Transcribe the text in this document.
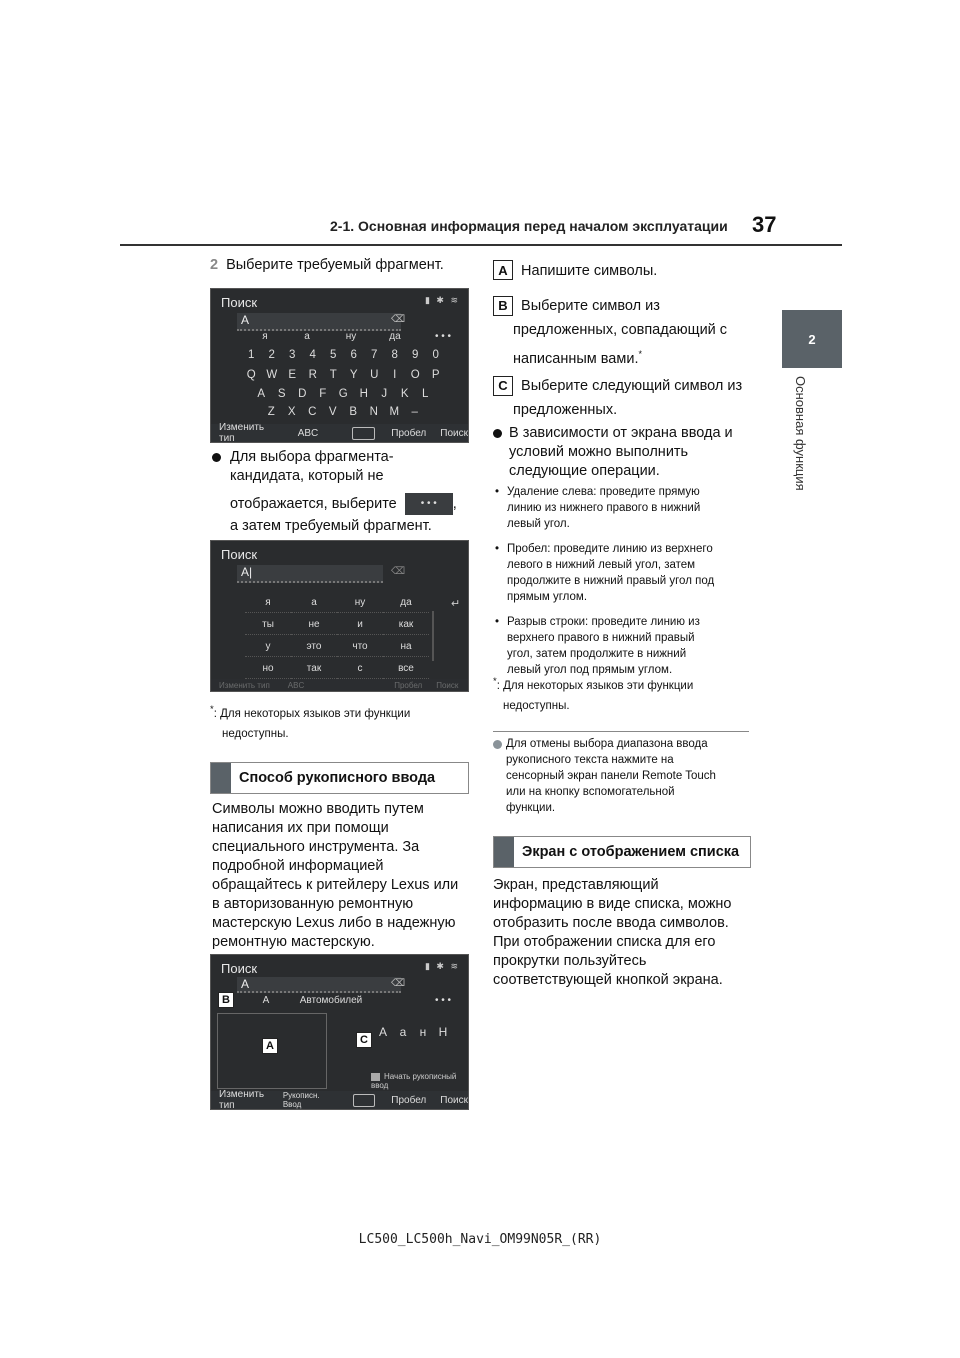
2-1. Основная информация перед началом эксплуатации 37
2
Основная функция
2 Выберите требуемый фрагмент.
Поиск	▮ ✱ ≋
A	⌫
я	а	ну	да	• • •
1	2	3	4	5	6	7	8	9	0
Q W E	R	T	Y	U	I	O	P
A	S	D	F	G	H	J	K	L
Z	X	C	V	B	N	M	–
Изменить тип	ABC	Пробел Поиск
Для выбора фрагмента-
кандидата, который не
отображается, выберите	• • •	,
а затем требуемый фрагмент.
Поиск
A|	⌫
я	а	ну	да
ты	не	и	как
у	это	что	на
но	так	с	все
↵
Изменить тип ABC	Пробел Поиск
*: Для некоторых языков эти функции
недоступны.
Способ рукописного ввода
Символы можно вводить путем
написания их при помощи
специального инструмента. За
подробной информацией
обращайтесь к ритейлеру Lexus или
в авторизованную ремонтную
мастерскую Lexus либо в надежную
ремонтную мастерскую.
Поиск	▮ ✱ ≋
A	⌫
A	Автомобилей	• • •
A	a	н	H
Начать рукописный ввод
Изменить тип
Рукописн. Ввод	Пробел Поиск
B
A	C
A Напишите символы.
B Выберите символ из
предложенных, совпадающий с
написанным вами.*
C Выберите следующий символ из
предложенных.
В зависимости от экрана ввода и
условий можно выполнить
следующие операции.
• Удаление слева: проведите прямую
линию из нижнего правого в нижний
левый угол.
• Пробел: проведите линию из верхнего
левого в нижний левый угол, затем
продолжите в нижний правый угол под
прямым углом.
• Разрыв строки: проведите линию из
верхнего правого в нижний правый
угол, затем продолжите в нижний
левый угол под прямым углом.
*: Для некоторых языков эти функции
недоступны.
Для отмены выбора диапазона ввода
рукописного текста нажмите на
сенсорный экран панели Remote Touch
или на кнопку вспомогательной
функции.
Экран с отображением списка
Экран, представляющий
информацию в виде списка, можно
отобразить после ввода символов.
При отображении списка для его
прокрутки пользуйтесь
соответствующей кнопкой экрана.
LC500_LC500h_Navi_OM99N05R_(RR)
